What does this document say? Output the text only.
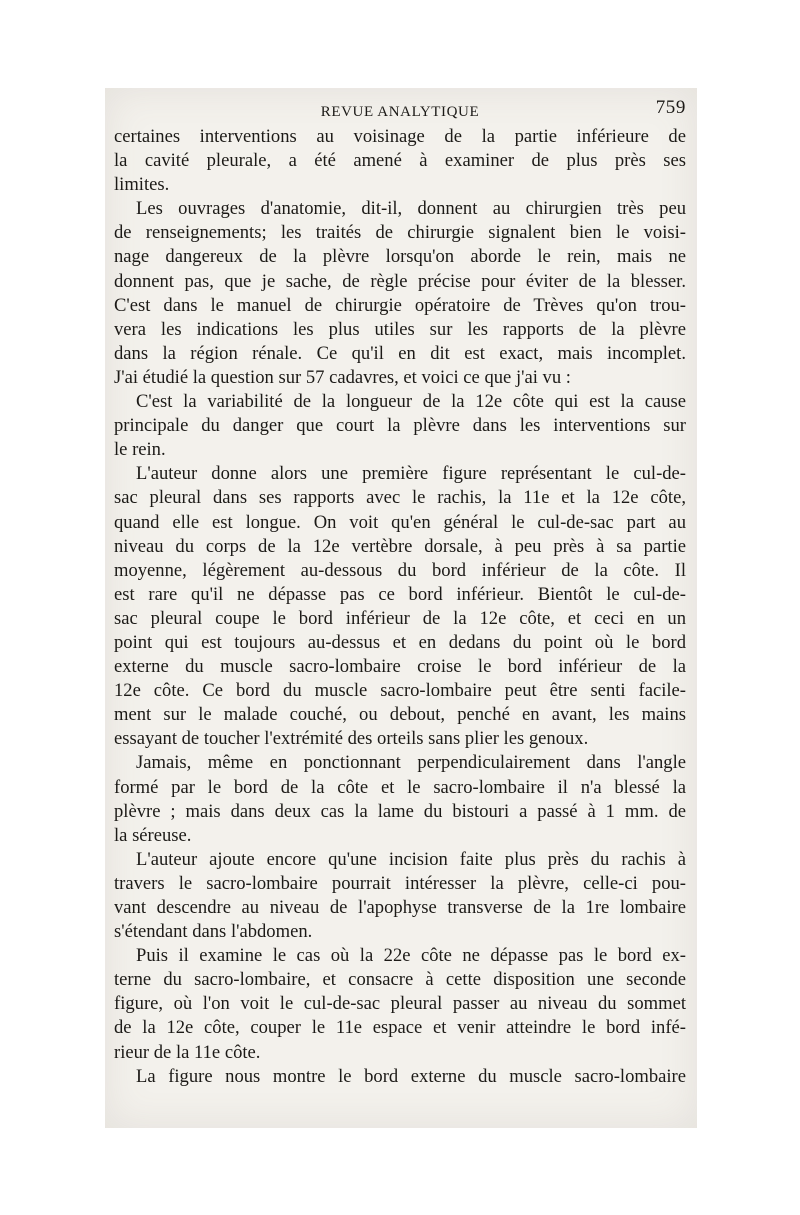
REVUE ANALYTIQUE	759
certaines interventions au voisinage de la partie inférieure de
la cavité pleurale, a été amené à examiner de plus près ses
limites.
Les ouvrages d'anatomie, dit-il, donnent au chirurgien très peu
de renseignements; les traités de chirurgie signalent bien le voisi-
nage dangereux de la plèvre lorsqu'on aborde le rein, mais ne
donnent pas, que je sache, de règle précise pour éviter de la blesser.
C'est dans le manuel de chirurgie opératoire de Trèves qu'on trou-
vera les indications les plus utiles sur les rapports de la plèvre
dans la région rénale. Ce qu'il en dit est exact, mais incomplet.
J'ai étudié la question sur 57 cadavres, et voici ce que j'ai vu :
C'est la variabilité de la longueur de la 12e côte qui est la cause
principale du danger que court la plèvre dans les interventions sur
le rein.
L'auteur donne alors une première figure représentant le cul-de-
sac pleural dans ses rapports avec le rachis, la 11e et la 12e côte,
quand elle est longue. On voit qu'en général le cul-de-sac part au
niveau du corps de la 12e vertèbre dorsale, à peu près à sa partie
moyenne, légèrement au-dessous du bord inférieur de la côte. Il
est rare qu'il ne dépasse pas ce bord inférieur. Bientôt le cul-de-
sac pleural coupe le bord inférieur de la 12e côte, et ceci en un
point qui est toujours au-dessus et en dedans du point où le bord
externe du muscle sacro-lombaire croise le bord inférieur de la
12e côte. Ce bord du muscle sacro-lombaire peut être senti facile-
ment sur le malade couché, ou debout, penché en avant, les mains
essayant de toucher l'extrémité des orteils sans plier les genoux.
Jamais, même en ponctionnant perpendiculairement dans l'angle
formé par le bord de la côte et le sacro-lombaire il n'a blessé la
plèvre ; mais dans deux cas la lame du bistouri a passé à 1 mm. de
la séreuse.
L'auteur ajoute encore qu'une incision faite plus près du rachis à
travers le sacro-lombaire pourrait intéresser la plèvre, celle-ci pou-
vant descendre au niveau de l'apophyse transverse de la 1re lombaire
s'étendant dans l'abdomen.
Puis il examine le cas où la 22e côte ne dépasse pas le bord ex-
terne du sacro-lombaire, et consacre à cette disposition une seconde
figure, où l'on voit le cul-de-sac pleural passer au niveau du sommet
de la 12e côte, couper le 11e espace et venir atteindre le bord infé-
rieur de la 11e côte.
La figure nous montre le bord externe du muscle sacro-lombaire
